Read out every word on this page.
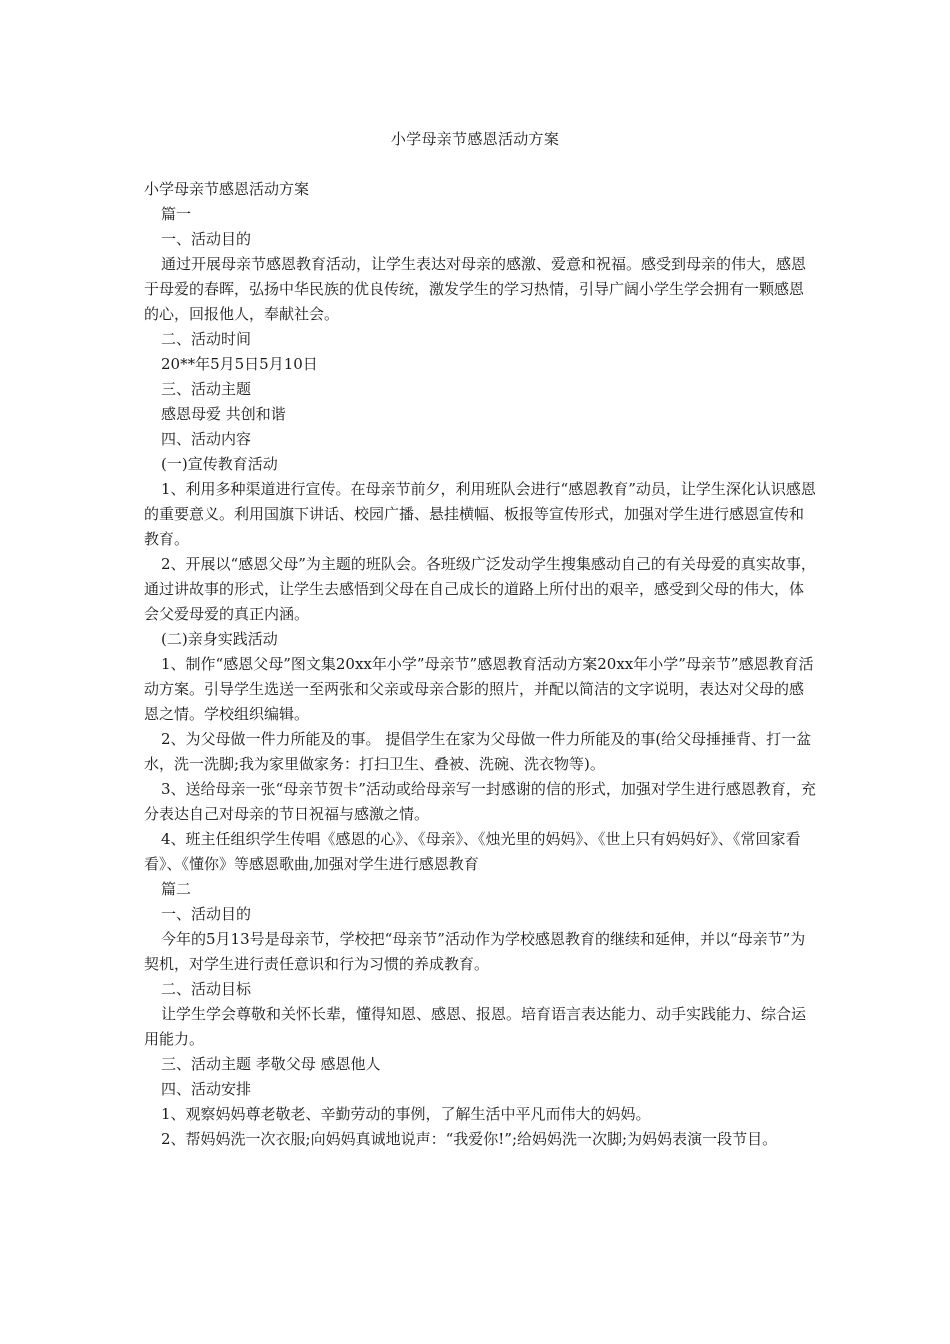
小学母亲节感恩活动方案

小学母亲节感恩活动方案

篇一

一、活动目的

通过开展母亲节感恩教育活动，让学生表达对母亲的感激、爱意和祝福。感受到母亲的伟大，感恩于母爱的春晖，弘扬中华民族的优良传统，激发学生的学习热情，引导广阔小学生学会拥有一颗感恩的心，回报他人，奉献社会。

二、活动时间

20**年5月5日5月10日

三、活动主题

感恩母爱 共创和谐

四、活动内容

(一)宣传教育活动

1、利用多种渠道进行宣传。在母亲节前夕，利用班队会进行“感恩教育”动员，让学生深化认识感恩的重要意义。利用国旗下讲话、校园广播、悬挂横幅、板报等宣传形式，加强对学生进行感恩宣传和教育。

2、开展以“感恩父母”为主题的班队会。各班级广泛发动学生搜集感动自己的有关母爱的真实故事，通过讲故事的形式，让学生去感悟到父母在自己成长的道路上所付出的艰辛，感受到父母的伟大，体会父爱母爱的真正内涵。

(二)亲身实践活动

1、制作“感恩父母”图文集20xx年小学”母亲节”感恩教育活动方案20xx年小学”母亲节”感恩教育活动方案。引导学生选送一至两张和父亲或母亲合影的照片，并配以简洁的文字说明，表达对父母的感恩之情。学校组织编辑。

2、为父母做一件力所能及的事。 提倡学生在家为父母做一件力所能及的事(给父母捶捶背、打一盆水，洗一洗脚;我为家里做家务：打扫卫生、叠被、洗碗、洗衣物等)。

3、送给母亲一张“母亲节贺卡”活动或给母亲写一封感谢的信的形式，加强对学生进行感恩教育，充分表达自己对母亲的节日祝福与感激之情。

4、班主任组织学生传唱《感恩的心》、《母亲》、《烛光里的妈妈》、《世上只有妈妈好》、《常回家看看》、《懂你》等感恩歌曲,加强对学生进行感恩教育

篇二

一、活动目的

今年的5月13号是母亲节，学校把“母亲节”活动作为学校感恩教育的继续和延伸，并以“母亲节”为契机，对学生进行责任意识和行为习惯的养成教育。

二、活动目标

让学生学会尊敬和关怀长辈，懂得知恩、感恩、报恩。培育语言表达能力、动手实践能力、综合运用能力。

三、活动主题 孝敬父母 感恩他人

四、活动安排

1、观察妈妈尊老敬老、辛勤劳动的事例，了解生活中平凡而伟大的妈妈。

2、帮妈妈洗一次衣服;向妈妈真诚地说声：“我爱你!”;给妈妈洗一次脚;为妈妈表演一段节目。
